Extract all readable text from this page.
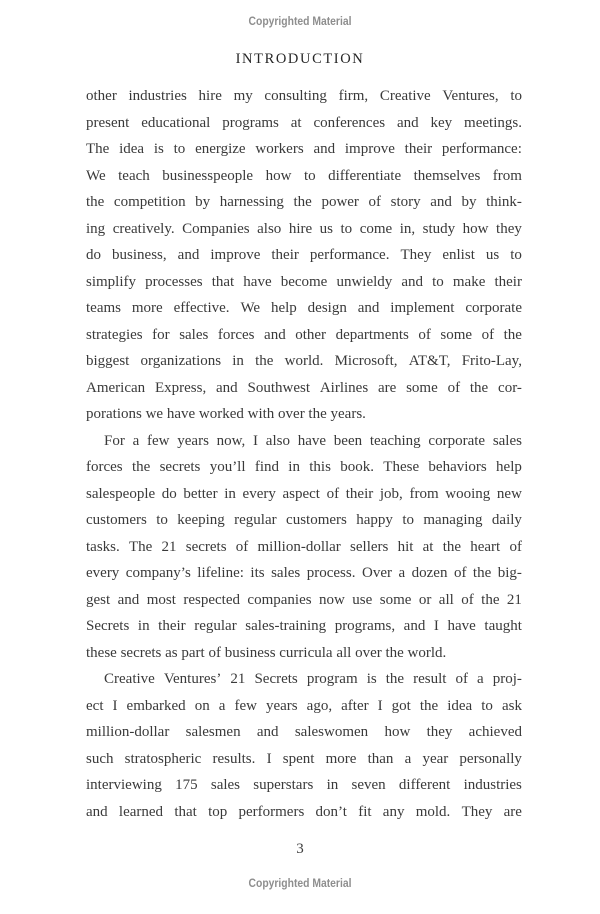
Copyrighted Material
INTRODUCTION
other industries hire my consulting firm, Creative Ventures, to
present educational programs at conferences and key meetings.
The idea is to energize workers and improve their performance:
We teach businesspeople how to differentiate themselves from
the competition by harnessing the power of story and by think-
ing creatively. Companies also hire us to come in, study how they
do business, and improve their performance. They enlist us to
simplify processes that have become unwieldy and to make their
teams more effective. We help design and implement corporate
strategies for sales forces and other departments of some of the
biggest organizations in the world. Microsoft, AT&T, Frito-Lay,
American Express, and Southwest Airlines are some of the cor-
porations we have worked with over the years.
For a few years now, I also have been teaching corporate sales
forces the secrets you’ll find in this book. These behaviors help
salespeople do better in every aspect of their job, from wooing new
customers to keeping regular customers happy to managing daily
tasks. The 21 secrets of million-dollar sellers hit at the heart of
every company’s lifeline: its sales process. Over a dozen of the big-
gest and most respected companies now use some or all of the 21
Secrets in their regular sales-training programs, and I have taught
these secrets as part of business curricula all over the world.
Creative Ventures’ 21 Secrets program is the result of a proj-
ect I embarked on a few years ago, after I got the idea to ask
million-dollar salesmen and saleswomen how they achieved
such stratospheric results. I spent more than a year personally
interviewing 175 sales superstars in seven different industries
and learned that top performers don’t fit any mold. They are
3
Copyrighted Material
